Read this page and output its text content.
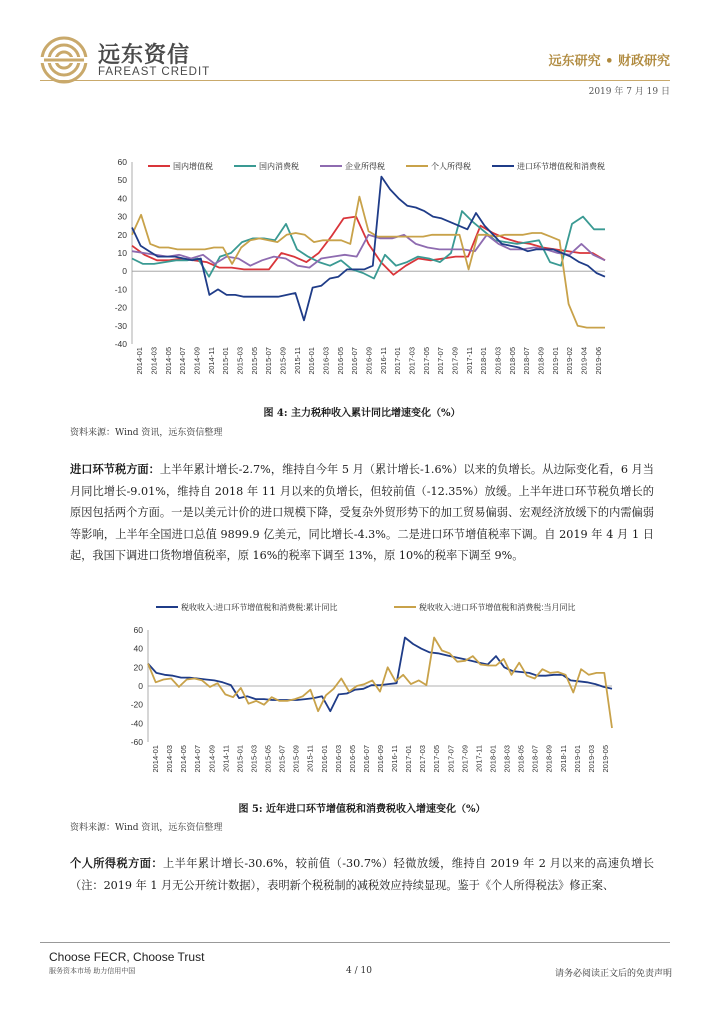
远东资信
FAREAST CREDIT
远东研究 • 财政研究
2019 年 7 月 19 日
-40
-30
-20
-10
0
10
20
30
40
50
60
2014-01 2014-03 2014-05 2014-07 2014-09 2014-11 2015-01 2015-03 2015-05 2015-07 2015-09 2015-11 2016-01 2016-03 2016-05 2016-07 2016-09 2016-11 2017-01 2017-03 2017-05 2017-07 2017-09 2017-11 2018-01 2018-03 2018-05 2018-07 2018-09 2019-01 2019-02 2019-04 2019-06
国内增值税	国内消费税	企业所得税	个人所得税	进口环节增值税和消费税
图 4: 主力税种收入累计同比增速变化（%）
资料来源：Wind 资讯，远东资信整理
进口环节税方面：上半年累计增长-2.7%，维持自今年 5 月（累计增长-1.6%）以来的负增长。从边际变化看，6 月当月同比增长-9.01%，维持自 2018 年 11 月以来的负增长，但较前值（-12.35%）放缓。上半年进口环节税负增长的原因包括两个方面。一是以美元计价的进口规模下降，受复杂外贸形势下的加工贸易偏弱、宏观经济放缓下的内需偏弱等影响，上半年全国进口总值 9899.9 亿美元，同比增长-4.3%。二是进口环节增值税率下调。自 2019 年 4 月 1 日起，我国下调进口货物增值税率，原 16%的税率下调至 13%，原 10%的税率下调至 9%。
-60
-40
-20
0
20
40
60
2014-01 2014-03 2014-05 2014-07 2014-09 2014-11 2015-01 2015-03 2015-05 2015-07 2015-09 2015-11 2016-01 2016-03 2016-05 2016-07 2016-09 2016-11 2017-01 2017-03 2017-05 2017-07 2017-09 2017-11 2018-01 2018-03 2018-05 2018-07 2018-09 2018-11 2019-01 2019-03 2019-05
税收收入:进口环节增值税和消费税:累计同比	税收收入:进口环节增值税和消费税:当月同比
图 5: 近年进口环节增值税和消费税收入增速变化（%）
资料来源：Wind 资讯，远东资信整理
个人所得税方面：上半年累计增长-30.6%，较前值（-30.7%）轻微放缓，维持自 2019 年 2 月以来的高速负增长（注：2019 年 1 月无公开统计数据），表明新个税税制的减税效应持续显现。鉴于《个人所得税法》修正案、
Choose FECR, Choose Trust
服务资本市场 助力信用中国	4 / 10	请务必阅读正文后的免责声明
